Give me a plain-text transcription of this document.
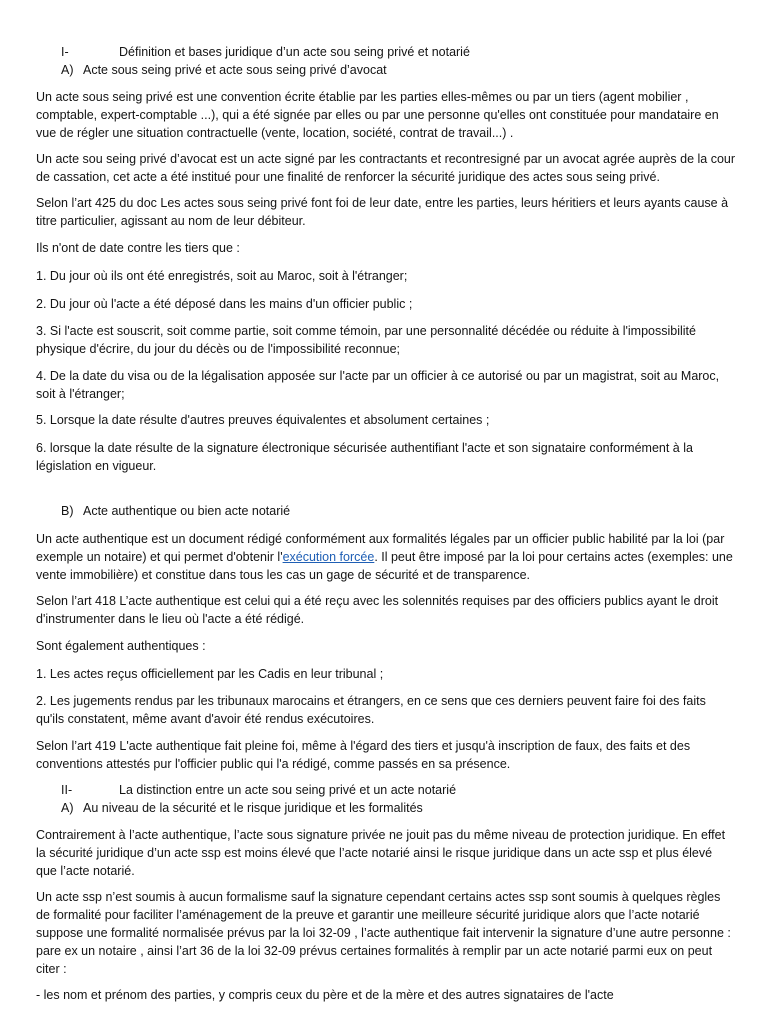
I-	Définition et bases juridique d’un acte sou seing privé et notarié
A) Acte sous seing privé et acte sous seing privé d’avocat

Un acte sous seing privé est une convention écrite établie par les parties elles-mêmes ou par un tiers (agent mobilier , comptable, expert-comptable ...), qui a été signée par elles ou par une personne qu'elles ont constituée pour mandataire en vue de régler une situation contractuelle (vente, location, société, contrat de travail...) .

Un acte sou seing privé d’avocat est un acte signé par les contractants et recontresigné par un avocat agrée auprès de la cour de cassation, cet acte a été institué pour une finalité de renforcer la sécurité juridique des actes sous seing privé.

Selon l’art 425 du doc Les actes sous seing privé font foi de leur date, entre les parties, leurs héritiers et leurs ayants cause à titre particulier, agissant au nom de leur débiteur.

Ils n'ont de date contre les tiers que :

1. Du jour où ils ont été enregistrés, soit au Maroc, soit à l'étranger;

2. Du jour où l'acte a été déposé dans les mains d'un officier public ;

3. Si l'acte est souscrit, soit comme partie, soit comme témoin, par une personnalité décédée ou réduite à l'impossibilité physique d'écrire, du jour du décès ou de l'impossibilité reconnue;

4. De la date du visa ou de la légalisation apposée sur l'acte par un officier à ce autorisé ou par un magistrat, soit au Maroc, soit à l'étranger;

5. Lorsque la date résulte d'autres preuves équivalentes et absolument certaines ;

6. lorsque la date résulte de la signature électronique sécurisée authentifiant l'acte et son signataire conformément à la législation en vigueur.

B) Acte authentique ou bien acte notarié

Un acte authentique est un document rédigé conformément aux formalités légales par un officier public habilité par la loi (par exemple un notaire) et qui permet d'obtenir l'exécution forcée. Il peut être imposé par la loi pour certains actes (exemples: une vente immobilière) et constitue dans tous les cas un gage de sécurité et de transparence.

Selon l’art 418 L’acte authentique est celui qui a été reçu avec les solennités requises par des officiers publics ayant le droit d'instrumenter dans le lieu où l'acte a été rédigé.

Sont également authentiques :

1. Les actes reçus officiellement par les Cadis en leur tribunal ;

2. Les jugements rendus par les tribunaux marocains et étrangers, en ce sens que ces derniers peuvent faire foi des faits qu'ils constatent, même avant d'avoir été rendus exécutoires.

Selon l’art 419 L'acte authentique fait pleine foi, même à l'égard des tiers et jusqu'à inscription de faux, des faits et des conventions attestés pur l'officier public qui l'a rédigé, comme passés en sa présence.

II-	La distinction entre un acte sou seing privé et un acte notarié
A) Au niveau de la sécurité et le risque juridique et les formalités

Contrairement à l’acte authentique, l’acte sous signature privée ne jouit pas du même niveau de protection juridique. En effet la sécurité juridique d’un acte ssp est moins élevé que l’acte notarié ainsi le risque juridique dans un acte ssp et plus élevé que l’acte notarié.

Un acte ssp n’est soumis à aucun formalisme sauf la signature cependant certains actes ssp sont soumis à quelques règles de formalité pour faciliter l’aménagement de la preuve et garantir une meilleure sécurité juridique alors que l’acte notarié suppose une formalité normalisée prévus par la loi 32-09 , l’acte authentique fait intervenir la signature d’une autre personne : pare ex un notaire , ainsi l’art 36 de la loi 32-09 prévus certaines formalités à remplir par un acte notarié parmi eux on peut citer :

- les nom et prénom des parties, y compris ceux du père et de la mère et des autres signataires de l'acte
